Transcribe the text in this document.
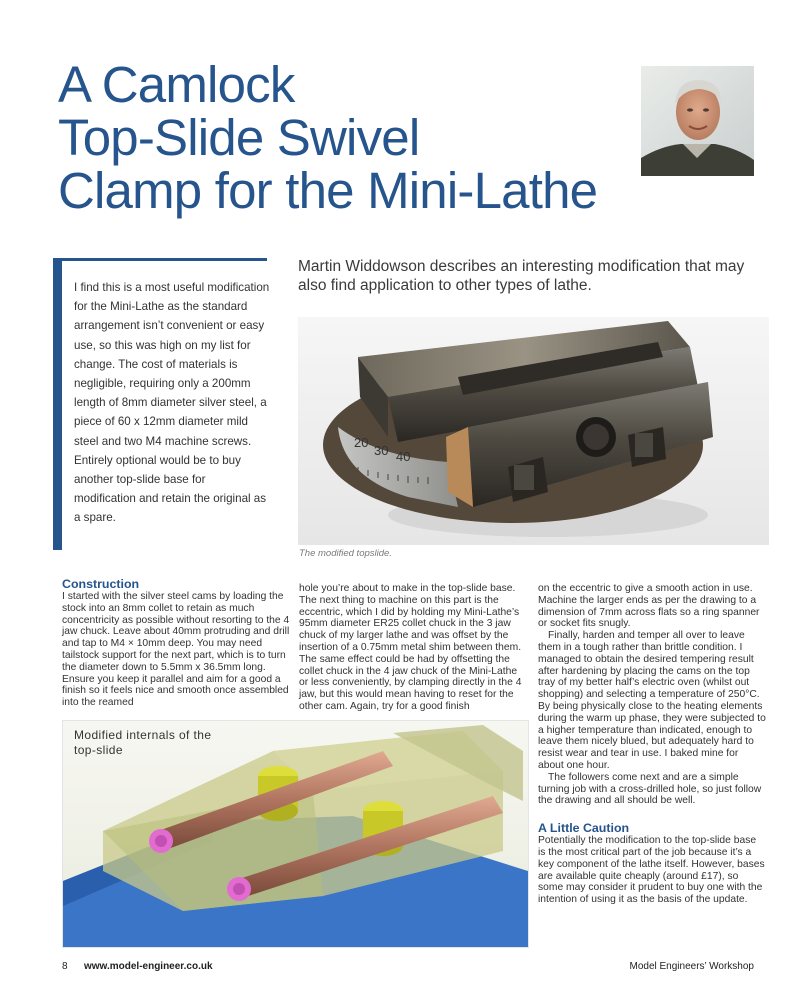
A Camlock
Top-Slide Swivel
Clamp for the Mini-Lathe

Martin Widdowson describes an interesting modification that may also find application to other types of lathe.

I find this is a most useful modification for the Mini-Lathe as the standard arrangement isn’t convenient or easy use, so this was high on my list for change. The cost of materials is negligible, requiring only a 200mm length of 8mm diameter silver steel, a piece of 60 x 12mm diameter mild steel and two M4 machine screws. Entirely optional would be to buy another top-slide base for modification and retain the original as a spare.

20
30 40

The modified topslide.

Construction

I started with the silver steel cams by loading the stock into an 8mm collet to retain as much concentricity as possible without resorting to the 4 jaw chuck. Leave about 40mm protruding and drill and tap to M4 × 10mm deep. You may need tailstock support for the next part, which is to turn the diameter down to 5.5mm x 36.5mm long. Ensure you keep it parallel and aim for a good a finish so it feels nice and smooth once assembled into the reamed

hole you’re about to make in the top-slide base. The next thing to machine on this part is the eccentric, which I did by holding my Mini-Lathe’s 95mm diameter ER25 collet chuck in the 3 jaw chuck of my larger lathe and was offset by the insertion of a 0.75mm metal shim between them. The same effect could be had by offsetting the collet chuck in the 4 jaw chuck of the Mini-Lathe or less conveniently, by clamping directly in the 4 jaw, but this would mean having to reset for the other cam. Again, try for a good finish

on the eccentric to give a smooth action in use. Machine the larger ends as per the drawing to a dimension of 7mm across flats so a ring spanner or socket fits snugly.

Finally, harden and temper all over to leave them in a tough rather than brittle condition. I managed to obtain the desired tempering result after hardening by placing the cams on the top tray of my better half’s electric oven (whilst out shopping) and selecting a temperature of 250°C. By being physically close to the heating elements during the warm up phase, they were subjected to a higher temperature than indicated, enough to leave them nicely blued, but adequately hard to resist wear and tear in use. I baked mine for about one hour.

The followers come next and are a simple turning job with a cross-drilled hole, so just follow the drawing and all should be well.

A Little Caution

Potentially the modification to the top-slide base is the most critical part of the job because it’s a key component of the lathe itself. However, bases are available quite cheaply (around £17), so some may consider it prudent to buy one with the intention of using it as the basis of the update.

Modified internals of the top-slide

8 www.model-engineer.co.uk	Model Engineers’ Workshop
